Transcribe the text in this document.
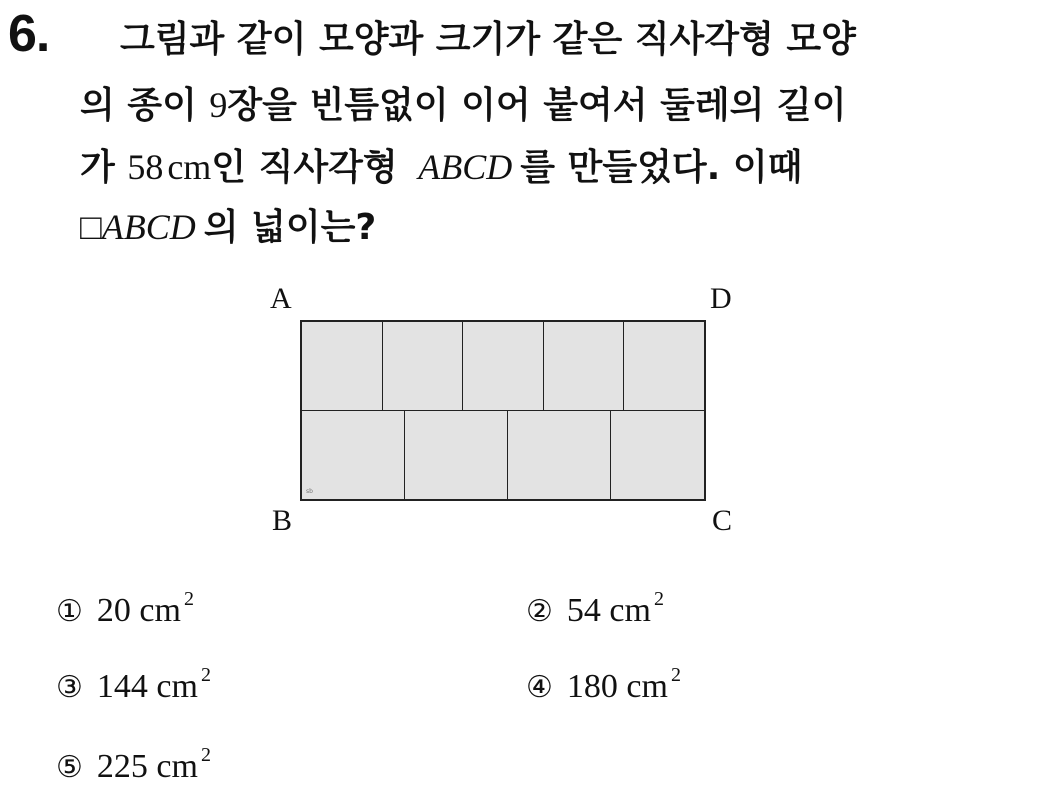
6. 그림과 같이 모양과 크기가 같은 직사각형 모양
의 종이 9장을 빈틈없이 이어 붙여서 둘레의 길이
가 58 cm인 직사각형 ABCD 를 만들었다. 이때
□ABCD 의 넓이는?
A	D
B	C
sb
① 20 cm $^2$	② 54 cm $^2$
③ 144 cm $^2$	④ 180 cm $^2$
⑤ 225 cm $^2$
